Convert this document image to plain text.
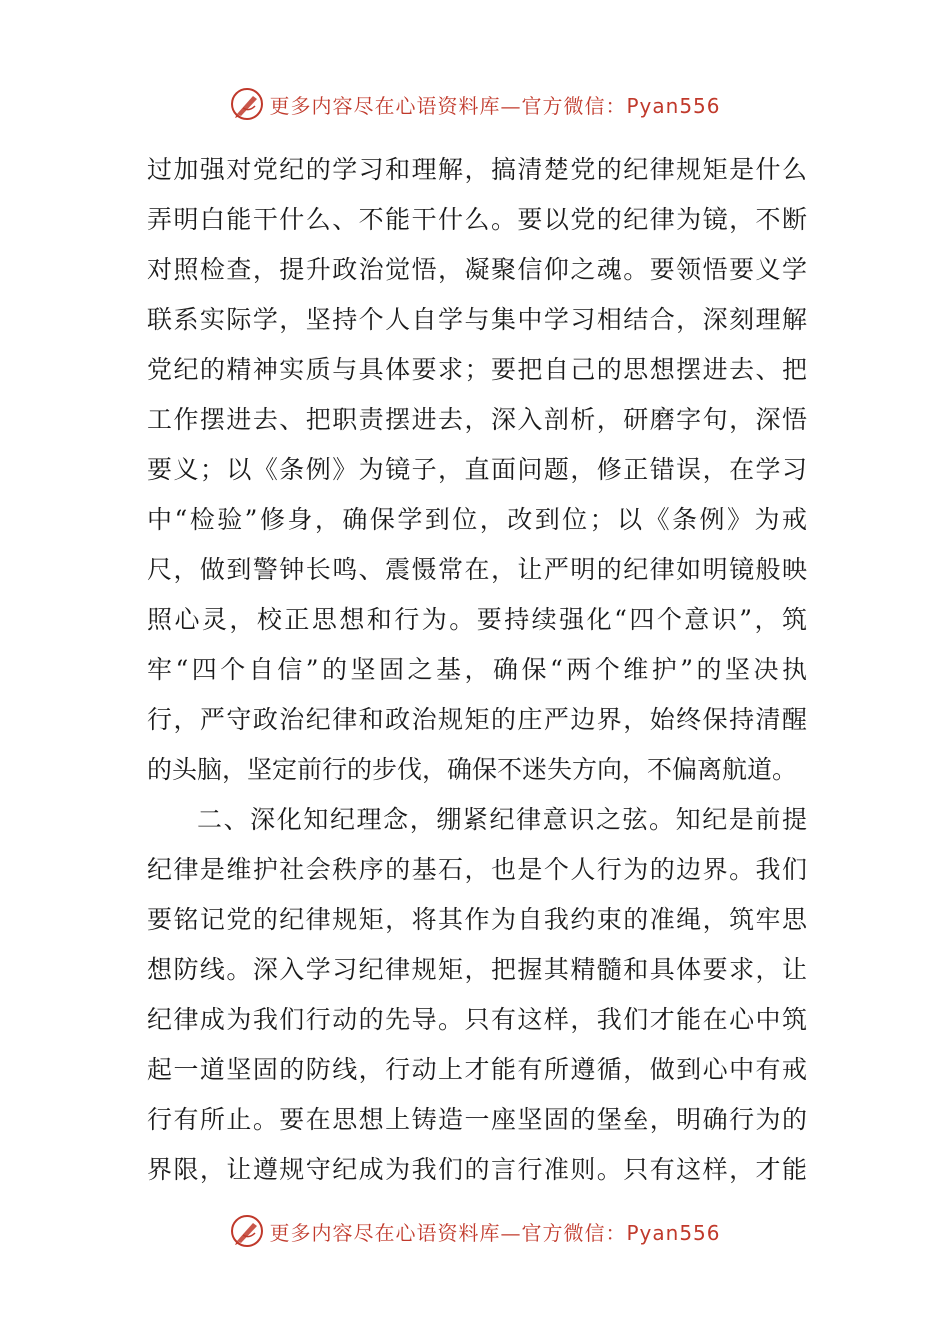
更多内容尽在心语资料库—官方微信：Pyan556
过加强对党纪的学习和理解，搞清楚党的纪律规矩是什么
弄明白能干什么、不能干什么。要以党的纪律为镜，不断
对照检查，提升政治觉悟，凝聚信仰之魂。要领悟要义学
联系实际学，坚持个人自学与集中学习相结合，深刻理解
党纪的精神实质与具体要求；要把自己的思想摆进去、把
工作摆进去、把职责摆进去，深入剖析，研磨字句，深悟
要义；以《条例》为镜子，直面问题，修正错误，在学习
中“检验”修身，确保学到位，改到位；以《条例》为戒
尺，做到警钟长鸣、震慑常在，让严明的纪律如明镜般映
照心灵，校正思想和行为。要持续强化“四个意识”，筑
牢“四个自信”的坚固之基，确保“两个维护”的坚决执
行，严守政治纪律和政治规矩的庄严边界，始终保持清醒
的头脑，坚定前行的步伐，确保不迷失方向，不偏离航道。
二、深化知纪理念，绷紧纪律意识之弦。知纪是前提
纪律是维护社会秩序的基石，也是个人行为的边界。我们
要铭记党的纪律规矩，将其作为自我约束的准绳，筑牢思
想防线。深入学习纪律规矩，把握其精髓和具体要求，让
纪律成为我们行动的先导。只有这样，我们才能在心中筑
起一道坚固的防线，行动上才能有所遵循，做到心中有戒
行有所止。要在思想上铸造一座坚固的堡垒，明确行为的
界限，让遵规守纪成为我们的言行准则。只有这样，才能
更多内容尽在心语资料库—官方微信：Pyan556
